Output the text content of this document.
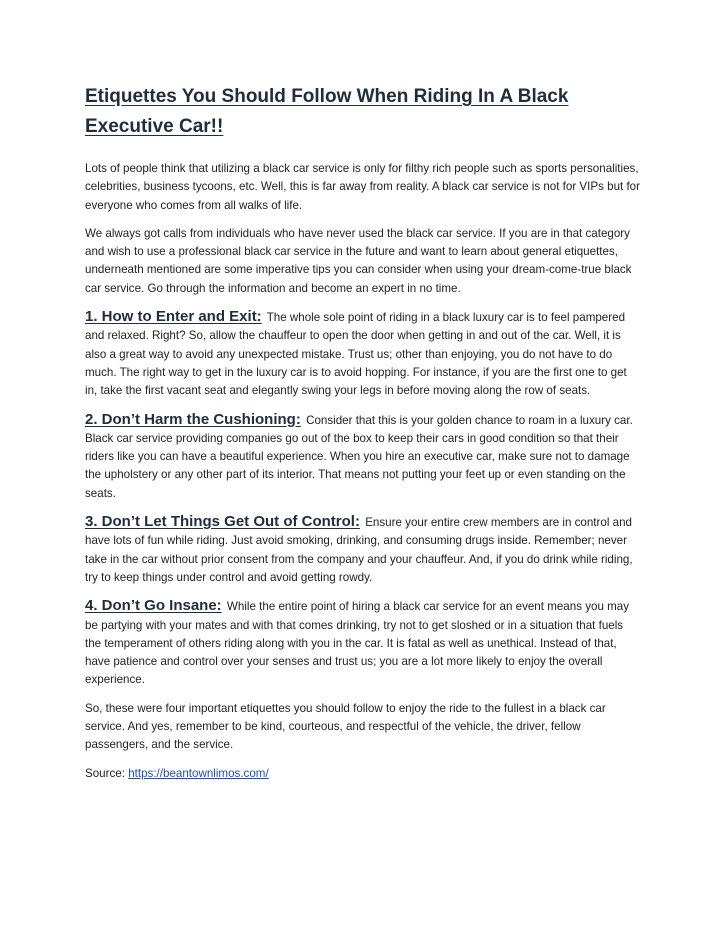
Etiquettes You Should Follow When Riding In A Black Executive Car!!

Lots of people think that utilizing a black car service is only for filthy rich people such as sports personalities, celebrities, business tycoons, etc. Well, this is far away from reality. A black car service is not for VIPs but for everyone who comes from all walks of life.

We always got calls from individuals who have never used the black car service. If you are in that category and wish to use a professional black car service in the future and want to learn about general etiquettes, underneath mentioned are some imperative tips you can consider when using your dream-come-true black car service. Go through the information and become an expert in no time.

1. How to Enter and Exit: The whole sole point of riding in a black luxury car is to feel pampered and relaxed. Right? So, allow the chauffeur to open the door when getting in and out of the car. Well, it is also a great way to avoid any unexpected mistake. Trust us; other than enjoying, you do not have to do much. The right way to get in the luxury car is to avoid hopping. For instance, if you are the first one to get in, take the first vacant seat and elegantly swing your legs in before moving along the row of seats.

2. Don’t Harm the Cushioning: Consider that this is your golden chance to roam in a luxury car. Black car service providing companies go out of the box to keep their cars in good condition so that their riders like you can have a beautiful experience. When you hire an executive car, make sure not to damage the upholstery or any other part of its interior. That means not putting your feet up or even standing on the seats.

3. Don’t Let Things Get Out of Control: Ensure your entire crew members are in control and have lots of fun while riding. Just avoid smoking, drinking, and consuming drugs inside. Remember; never take in the car without prior consent from the company and your chauffeur. And, if you do drink while riding, try to keep things under control and avoid getting rowdy.

4. Don’t Go Insane: While the entire point of hiring a black car service for an event means you may be partying with your mates and with that comes drinking, try not to get sloshed or in a situation that fuels the temperament of others riding along with you in the car. It is fatal as well as unethical. Instead of that, have patience and control over your senses and trust us; you are a lot more likely to enjoy the overall experience.

So, these were four important etiquettes you should follow to enjoy the ride to the fullest in a black car service. And yes, remember to be kind, courteous, and respectful of the vehicle, the driver, fellow passengers, and the service.

Source: https://beantownlimos.com/
